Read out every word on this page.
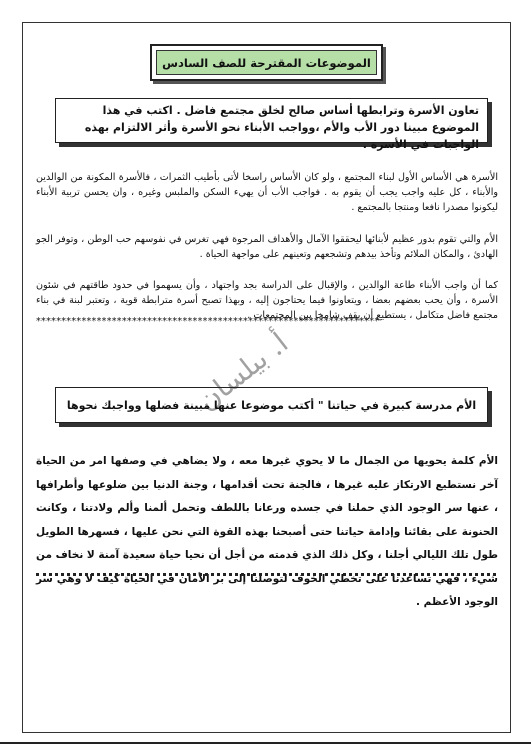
الموضوعات المقترحة للصف السادس
تعاون الأسرة وترابطها أساس صالح لخلق مجتمع فاضل . اكتب في هذا الموضوع مبينا دور الأب والأم ،وواجب الأبناء نحو الأسرة وأثر الالتزام بهذه الواجبات في الأسرة .

الأسرة هي الأساس الأول لبناء المجتمع ، ولو كان الأساس راسخا لأتى بأطيب الثمرات ، فالأسرة المكونة من الوالدين والأبناء ، كل عليه واجب يجب أن يقوم به . فواجب الأب أن يهيء السكن والملبس وغيره ، وان يحسن تربية الأبناء ليكونوا مصدرا نافعا ومنتجا بالمجتمع .

الأم والتي تقوم بدور عظيم لأبنائها ليحققوا الآمال والأهداف المرجوة فهي تغرس في نفوسهم حب الوطن ، وتوفر الجو الهادئ ، والمكان الملائم وتأخذ بيدهم وتشجعهم وتعينهم على مواجهة الحياة .

كما أن واجب الأبناء طاعة الوالدين ، والإقبال على الدراسة بجد واجتهاد ، وأن يسهموا في حدود طاقتهم في شئون الأسرة ، وأن يحب بعضهم بعضا ، ويتعاونوا فيما يحتاجون إليه ، وبهذا تصبح أسرة مترابطة قوية ، وتعتبر لبنة في بناء مجتمع فاضل متكامل ، يستطيع أن يقف شامخا بين المجتمعات .

********************************************************************
أ. بيلسان
الأم مدرسة كبيرة في حياتنا " أكتب موضوعا عنها مبينة فضلها وواجبك نحوها

الأم كلمة يحويها من الجمال ما لا يحوي غيرها معه ، ولا يضاهي في وصفها امر من الحياة آخر نستطيع الارتكاز عليه غيرها ، فالجنة تحت أقدامها ، وجنة الدنيا بين ضلوعها وأطرافها ، عنها سر الوجود الذي حملنا في جسده ورعانا باللطف وتحمل ألمنا وألم ولادتنا ، وكانت الحنونة على بقائنا وإدامة حياتنا حتى أصبحنا بهذه القوة التي نحن عليها ، فسهرها الطويل طول تلك الليالي أجلنا ، وكل ذلك الذي قدمته من أجل أن نحيا حياة سعيدة آمنة لا نخاف من شيء ، فهي تساعدنا على تخطي الخوف لتوصلنا إلى بر الأمان في الحياة كيف لا وهي سر الوجود الأعظم .
